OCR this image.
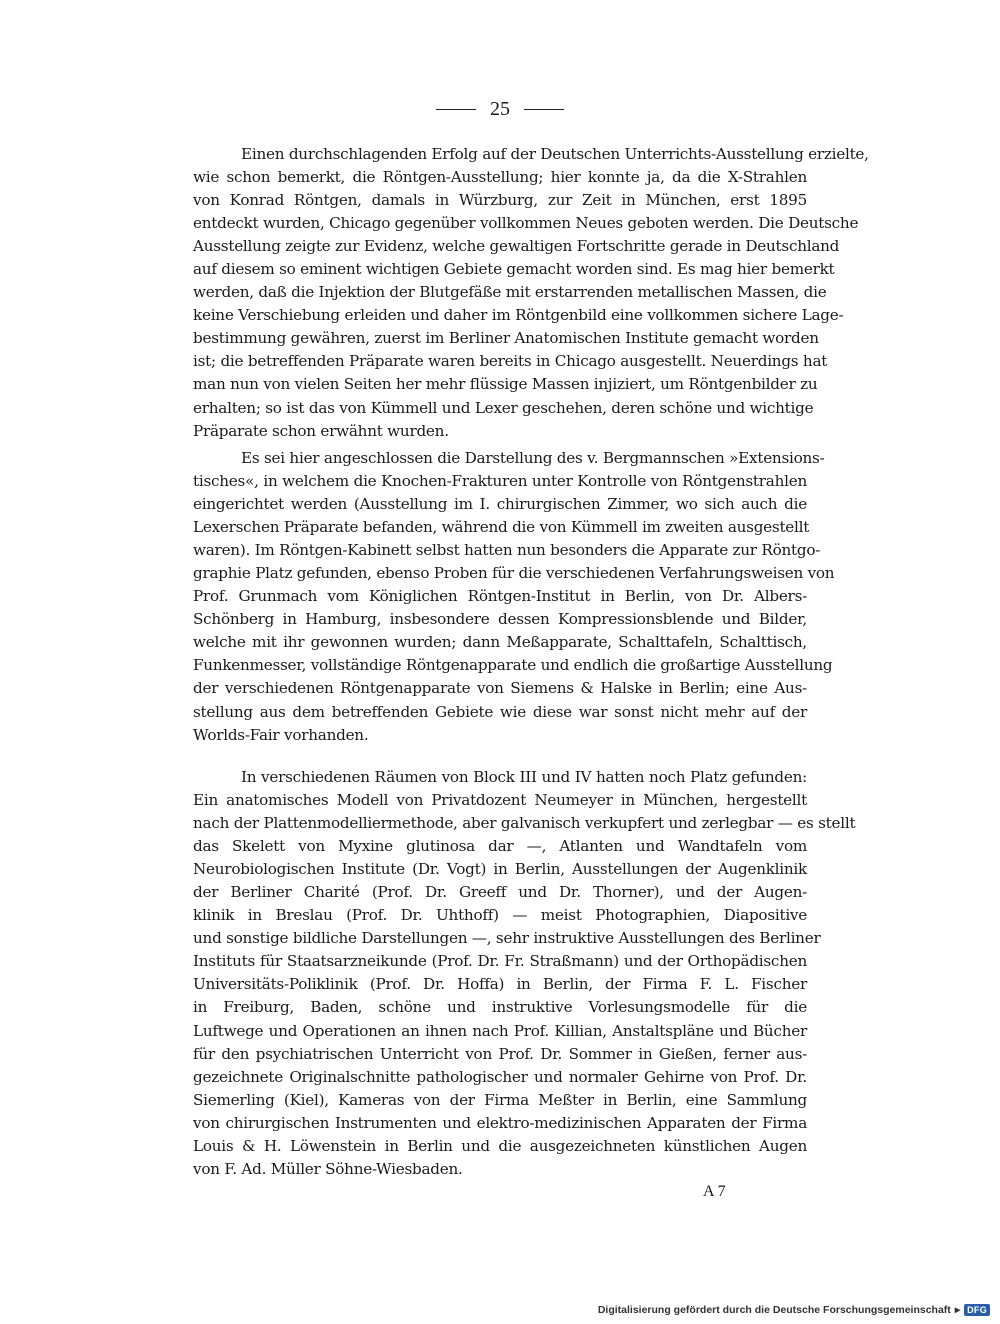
25
Einen durchschlagenden Erfolg auf der Deutschen Unterrichts-Ausstellung erzielte,
wie schon bemerkt, die Röntgen-Ausstellung; hier konnte ja, da die X-Strahlen
von Konrad Röntgen, damals in Würzburg, zur Zeit in München, erst 1895
entdeckt wurden, Chicago gegenüber vollkommen Neues geboten werden. Die Deutsche
Ausstellung zeigte zur Evidenz, welche gewaltigen Fortschritte gerade in Deutschland
auf diesem so eminent wichtigen Gebiete gemacht worden sind. Es mag hier bemerkt
werden, daß die Injektion der Blutgefäße mit erstarrenden metallischen Massen, die
keine Verschiebung erleiden und daher im Röntgenbild eine vollkommen sichere Lage-
bestimmung gewähren, zuerst im Berliner Anatomischen Institute gemacht worden
ist; die betreffenden Präparate waren bereits in Chicago ausgestellt. Neuerdings hat
man nun von vielen Seiten her mehr flüssige Massen injiziert, um Röntgenbilder zu
erhalten; so ist das von Kümmell und Lexer geschehen, deren schöne und wichtige
Präparate schon erwähnt wurden.
Es sei hier angeschlossen die Darstellung des v. Bergmannschen »Extensions-
tisches«, in welchem die Knochen-Frakturen unter Kontrolle von Röntgenstrahlen
eingerichtet werden (Ausstellung im I. chirurgischen Zimmer, wo sich auch die
Lexerschen Präparate befanden, während die von Kümmell im zweiten ausgestellt
waren). Im Röntgen-Kabinett selbst hatten nun besonders die Apparate zur Röntgo-
graphie Platz gefunden, ebenso Proben für die verschiedenen Verfahrungsweisen von
Prof. Grunmach vom Königlichen Röntgen-Institut in Berlin, von Dr. Albers-
Schönberg in Hamburg, insbesondere dessen Kompressionsblende und Bilder,
welche mit ihr gewonnen wurden; dann Meßapparate, Schalttafeln, Schalttisch,
Funkenmesser, vollständige Röntgenapparate und endlich die großartige Ausstellung
der verschiedenen Röntgenapparate von Siemens & Halske in Berlin; eine Aus-
stellung aus dem betreffenden Gebiete wie diese war sonst nicht mehr auf der
Worlds-Fair vorhanden.
In verschiedenen Räumen von Block III und IV hatten noch Platz gefunden:
Ein anatomisches Modell von Privatdozent Neumeyer in München, hergestellt
nach der Plattenmodelliermethode, aber galvanisch verkupfert und zerlegbar — es stellt
das Skelett von Myxine glutinosa dar —, Atlanten und Wandtafeln vom
Neurobiologischen Institute (Dr. Vogt) in Berlin, Ausstellungen der Augenklinik
der Berliner Charité (Prof. Dr. Greeff und Dr. Thorner), und der Augen-
klinik in Breslau (Prof. Dr. Uhthoff) — meist Photographien, Diapositive
und sonstige bildliche Darstellungen —, sehr instruktive Ausstellungen des Berliner
Instituts für Staatsarzneikunde (Prof. Dr. Fr. Straßmann) und der Orthopädischen
Universitäts-Poliklinik (Prof. Dr. Hoffa) in Berlin, der Firma F. L. Fischer
in Freiburg, Baden, schöne und instruktive Vorlesungsmodelle für die
Luftwege und Operationen an ihnen nach Prof. Killian, Anstaltspläne und Bücher
für den psychiatrischen Unterricht von Prof. Dr. Sommer in Gießen, ferner aus-
gezeichnete Originalschnitte pathologischer und normaler Gehirne von Prof. Dr.
Siemerling (Kiel), Kameras von der Firma Meßter in Berlin, eine Sammlung
von chirurgischen Instrumenten und elektro-medizinischen Apparaten der Firma
Louis & H. Löwenstein in Berlin und die ausgezeichneten künstlichen Augen
von F. Ad. Müller Söhne-Wiesbaden.
A 7
Digitalisierung gefördert durch die Deutsche Forschungsgemeinschaft ▸ DFG
